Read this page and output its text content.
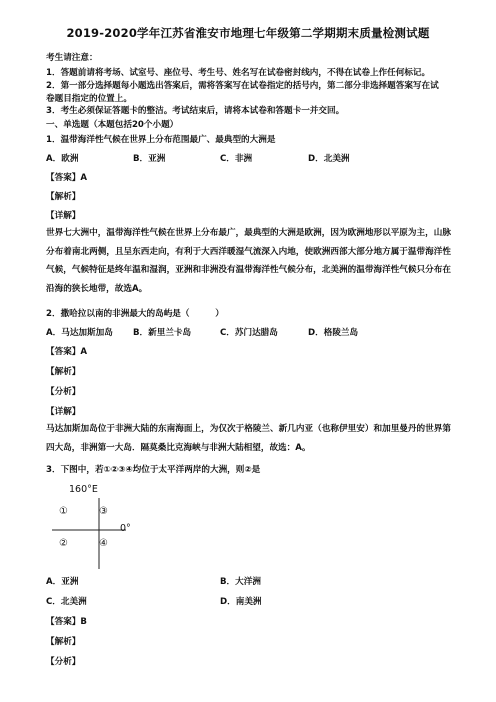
2019-2020学年江苏省淮安市地理七年级第二学期期末质量检测试题
考生请注意：
1．答题前请将考场、试室号、座位号、考生号、姓名写在试卷密封线内，不得在试卷上作任何标记。
2．第一部分选择题每小题选出答案后，需将答案写在试卷指定的括号内，第二部分非选择题答案写在试
卷题目指定的位置上。
3．考生必须保证答题卡的整洁。考试结束后，请将本试卷和答题卡一并交回。
一、单选题（本题包括20个小题）
1．温带海洋性气候在世界上分布范围最广、最典型的大洲是
A．欧洲	B．亚洲	C．非洲	D．北美洲
【答案】A
【解析】
【详解】
世界七大洲中，温带海洋性气候在世界上分布最广，最典型的大洲是欧洲，因为欧洲地形以平原为主，山脉分布着南北两侧，且呈东西走向，有利于大西洋暖湿气流深入内地，使欧洲西部大部分地方属于温带海洋性气候，气候特征是终年温和湿润，亚洲和非洲没有温带海洋性气候分布，北美洲的温带海洋性气候只分布在沿海的狭长地带，故选A。
2．撒哈拉以南的非洲最大的岛屿是（　　　）
A．马达加斯加岛 B．新里兰卡岛	C．苏门达腊岛	D．格陵兰岛
【答案】A
【解析】
【分析】
【详解】
马达加斯加岛位于非洲大陆的东南海面上，为仅次于格陵兰、新几内亚（也称伊里安）和加里曼丹的世界第四大岛，非洲第一大岛．隔莫桑比克海峡与非洲大陆相望，故选：A。
3．下图中，若①②③④均位于太平洋两岸的大洲，则②是
160°E
0°
①
②
③
④
A．亚洲	B．大洋洲
C．北美洲	D．南美洲
【答案】B
【解析】
【分析】
